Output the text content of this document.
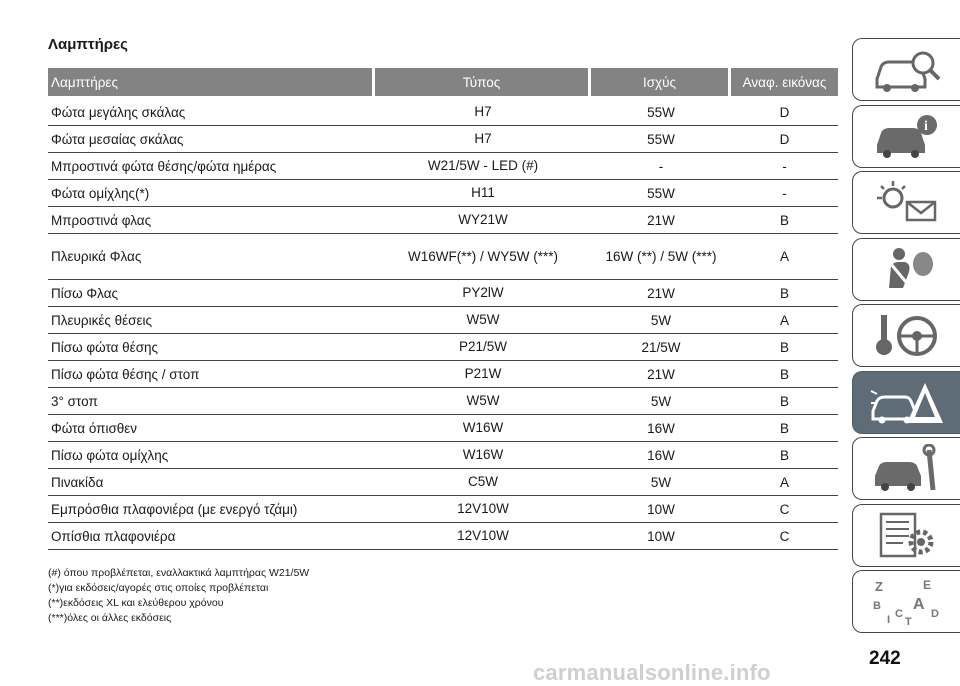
Λαμπτήρες
Λαμπτήρες	Τύπος	Ισχύς	Αναφ. εικόνας
Φώτα μεγάλης σκάλας	H7	55W	D
Φώτα μεσαίας σκάλας	H7	55W	D
Μπροστινά φώτα θέσης/φώτα ημέρας	W21/5W - LED (#)	-	-
Φώτα ομίχλης(*)	H11	55W	-
Μπροστινά φλας	WY21W	21W	B
Πλευρικά Φλας	W16WF(**) / WY5W (***)	16W (**) / 5W (***)	A
Πίσω Φλας	PY2lW	21W	B
Πλευρικές θέσεις	W5W	5W	A
Πίσω φώτα θέσης	P21/5W	21/5W	B
Πίσω φώτα θέσης / στοπ	P21W	21W	B
3° στοπ	W5W	5W	B
Φώτα όπισθεν	W16W	16W	B
Πίσω φώτα ομίχλης	W16W	16W	B
Πινακίδα	C5W	5W	A
Εμπρόσθια πλαφονιέρα (με ενεργό τζάμι)	12V10W	10W	C
Οπίσθια πλαφονιέρα	12V10W	10W	C
(#) όπου προβλέπεται, εναλλακτικά λαμπτήρας W21/5W
(*)για εκδόσεις/αγορές στις οποίες προβλέπεται
(**)εκδόσεις XL και ελεύθερου χρόνου
(***)όλες οι άλλες εκδόσεις
i
Z	E
B A
I C
T
D
242
carmanualsonline.info
